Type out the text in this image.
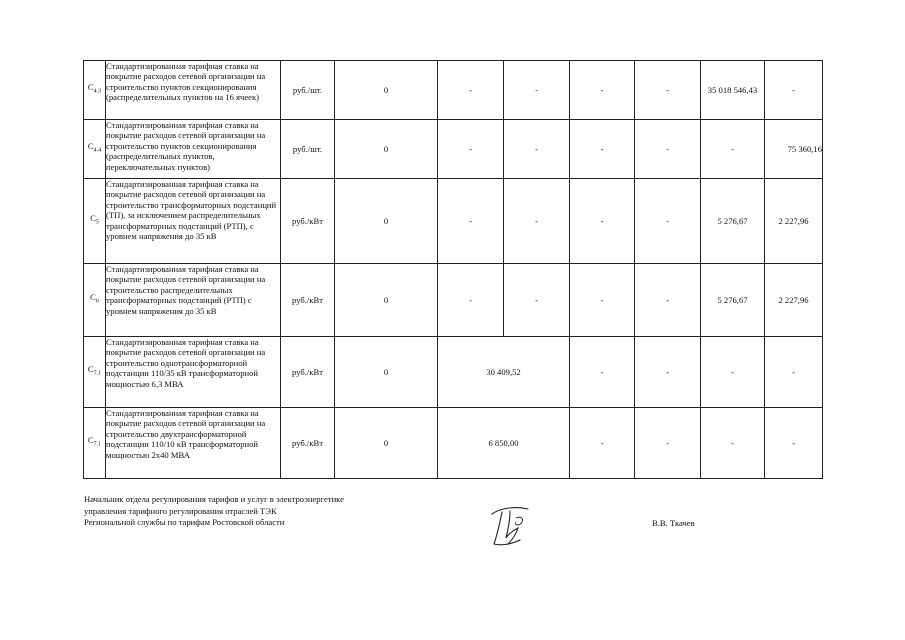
$C_{4.3}$	Стандартизированная тарифная ставка на покрытие расходов сетевой организации на строительство пунктов секционирования (распределительных пунктов на 16 ячеек)	руб./шт.	0	-	-	-	-	35 018 546,43	-
$C_{4.4}$	Стандартизированная тарифная ставка на покрытие расходов сетевой организации на строительство пунктов секционирования (распределительных пунктов, переключательных пунктов)	руб./шт.	0	-	-	-	-	-	75 360,16
$C_5$	Стандартизированная тарифная ставка на покрытие расходов сетевой организации на строительство трансформаторных подстанций (ТП), за исключением распределительных трансформаторных подстанций (РТП), с уровнем напряжения до 35 кВ	руб./кВт	0	-	-	-	-	5 276,67	2 227,96
$C_6$	Стандартизированная тарифная ставка на покрытие расходов сетевой организации на строительство распределительных трансформаторных подстанций (РТП) с уровнем напряжения до 35 кВ	руб./кВт	0	-	-	-	-	5 276,67	2 227,96
$C_{7.1}$	Стандартизированная тарифная ставка на покрытие расходов сетевой организации на строительство однотрансформаторной подстанции 110/35 кВ трансформаторной мощностью 6,3 МВА	руб./кВт	0	30 409,52		-	-	-	-
$C_{7.1}$	Стандартизированная тарифная ставка на покрытие расходов сетевой организации на строительство двухтрансформаторной подстанции 110/10 кВ трансформаторной мощностью 2х40 МВА	руб./кВт	0	6 850,00		-	-	-	-
Начальник отдела регулирования тарифов и услуг в электроэнергетике
управления тарифного регулирования отраслей ТЭК
Региональной службы по тарифам Ростовской области	В.В. Ткачев
